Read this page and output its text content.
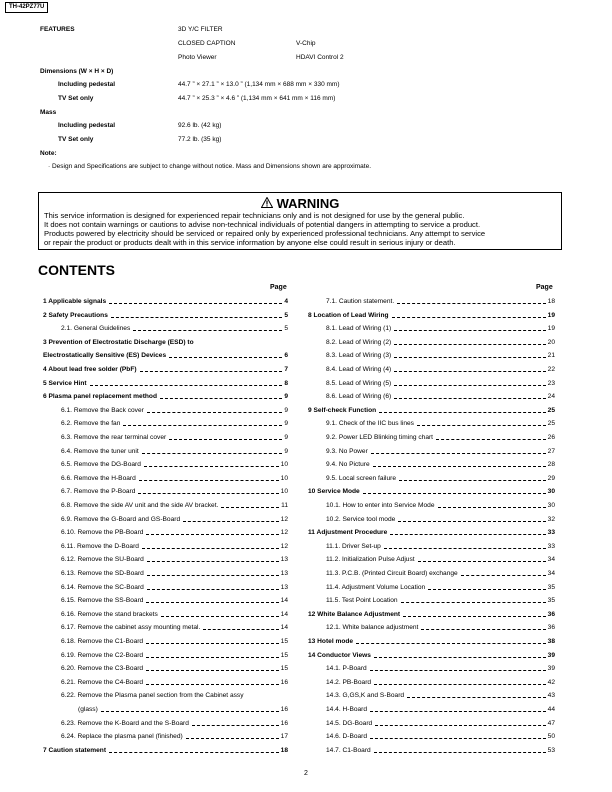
TH-42PZ77U
FEATURES	3D Y/C FILTER
CLOSED CAPTION	V-Chip
Photo Viewer	HDAVI Control 2
Dimensions (W × H × D)
Including pedestal	44.7 ” × 27.1 ” × 13.0 ” (1,134 mm × 688 mm × 330 mm)
TV Set only	44.7 ” × 25.3 ” × 4.6 ” (1,134 mm × 641 mm × 116 mm)
Mass
Including pedestal	92.6 lb. (42 kg)
TV Set only	77.2 lb. (35 kg)
Note:
· Design and Specifications are subject to change without notice. Mass and Dimensions shown are approximate.
WARNING
This service information is designed for experienced repair technicians only and is not designed for use by the general public.
It does not contain warnings or cautions to advise non-technical individuals of potential dangers in attempting to service a product.
Products powered by electricity should be serviced or repaired only by experienced professional technicians. Any attempt to service
or repair the product or products dealt with in this service information by anyone else could result in serious injury or death.
CONTENTS
Page	Page
1 Applicable signals	4
2 Safety Precautions	5
2.1. General Guidelines	5
3 Prevention of Electrostatic Discharge (ESD) to
Electrostatically Sensitive (ES) Devices	6
4 About lead free solder (PbF)	7
5 Service Hint	8
6 Plasma panel replacement method	9
6.1. Remove the Back cover	9
6.2. Remove the fan	9
6.3. Remove the rear terminal cover	9
6.4. Remove the tuner unit	9
6.5. Remove the DG-Board	10
6.6. Remove the H-Board	10
6.7. Remove the P-Board	10
6.8. Remove the side AV unit and the side AV bracket.	11
6.9. Remove the G-Board and GS-Board	12
6.10. Remove the PB-Board	12
6.11. Remove the D-Board	12
6.12. Remove the SU-Board	13
6.13. Remove the SD-Board	13
6.14. Remove the SC-Board	13
6.15. Remove the SS-Board	14
6.16. Remove the stand brackets	14
6.17. Remove the cabinet assy mounting metal.	14
6.18. Remove the C1-Board	15
6.19. Remove the C2-Board	15
6.20. Remove the C3-Board	15
6.21. Remove the C4-Board	16
6.22. Remove the Plasma panel section from the Cabinet assy
(glass)	16
6.23. Remove the K-Board and the S-Board	16
6.24. Replace the plasma panel (finished)	17
7 Caution statement	18
7.1. Caution statement.	18
8 Location of Lead Wiring	19
8.1. Lead of Wiring (1)	19
8.2. Lead of Wiring (2)	20
8.3. Lead of Wiring (3)	21
8.4. Lead of Wiring (4)	22
8.5. Lead of Wiring (5)	23
8.6. Lead of Wiring (6)	24
9 Self-check Function	25
9.1. Check of the IIC bus lines	25
9.2. Power LED Blinking timing chart	26
9.3. No Power	27
9.4. No Picture	28
9.5. Local screen failure	29
10 Service Mode	30
10.1. How to enter into Service Mode	30
10.2. Service tool mode	32
11 Adjustment Procedure	33
11.1. Driver Set-up	33
11.2. Initialization Pulse Adjust	34
11.3. P.C.B. (Printed Circuit Board) exchange	34
11.4. Adjustment Volume Location	35
11.5. Test Point Location	35
12 White Balance Adjustment	36
12.1. White balance adjustment	36
13 Hotel mode	38
14 Conductor Views	39
14.1. P-Board	39
14.2. PB-Board	42
14.3. G,GS,K and S-Board	43
14.4. H-Board	44
14.5. DG-Board	47
14.6. D-Board	50
14.7. C1-Board	53
2
